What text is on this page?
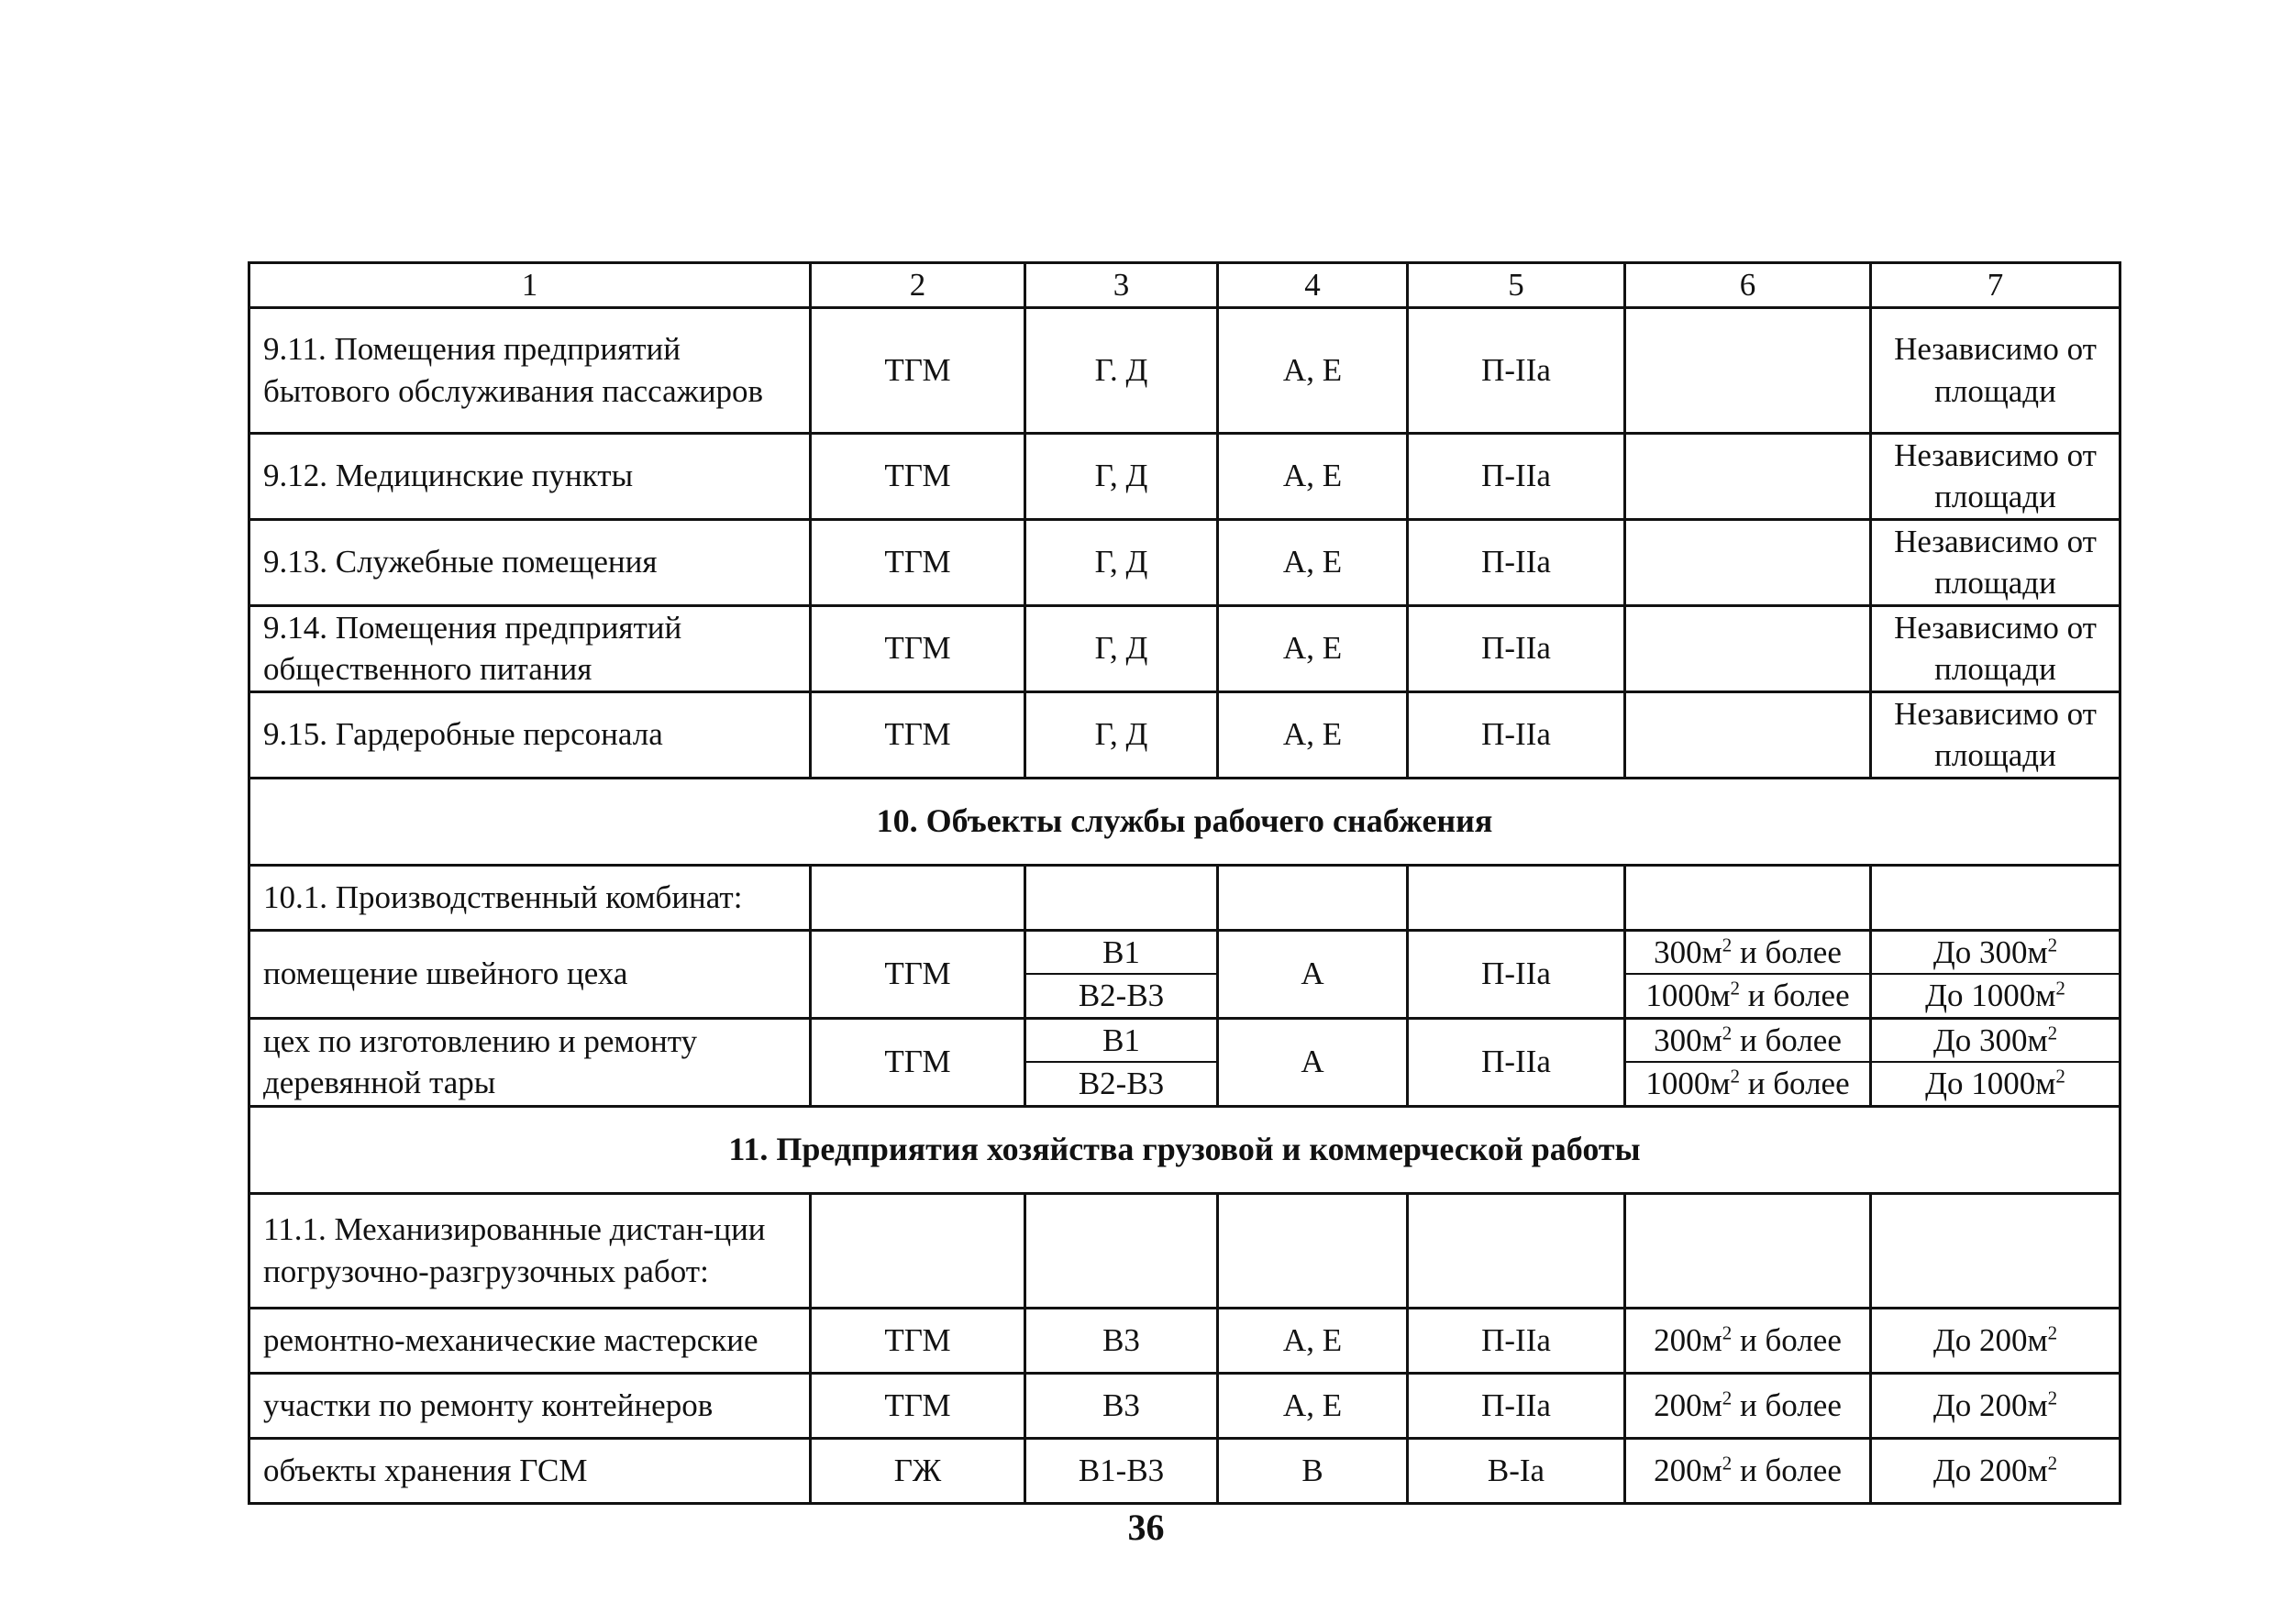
1	2	3	4	5	6	7
9.11. Помещения предприятий бытового обслуживания пассажиров	ТГМ	Г. Д	А, Е	П-IIа		Независимо от площади
9.12. Медицинские пункты	ТГМ	Г, Д	А, Е	П-IIа		Независимо от площади
9.13. Служебные помещения	ТГМ	Г, Д	А, Е	П-IIа		Независимо от площади
9.14. Помещения предприятий общественного питания	ТГМ	Г, Д	А, Е	П-IIа		Независимо от площади
9.15. Гардеробные персонала	ТГМ	Г, Д	А, Е	П-IIа		Независимо от площади
10. Объекты службы рабочего снабжения						
10.1. Производственный комбинат:						
помещение швейного цеха	ТГМ	В1	А	П-IIа	$300м^2$ и более	До $300м^2$
		В2-В3			$1000м^2$ и более	До $1000м^2$
цех по изготовлению и ремонту деревянной тары	ТГМ	В1	А	П-IIа	$300м^2$ и более	До $300м^2$
		В2-В3			$1000м^2$ и более	До $1000м^2$
11. Предприятия хозяйства грузовой и коммерческой работы						
11.1. Механизированные дистан-ции погрузочно-разгрузочных работ:						
ремонтно-механические мастерские	ТГМ	В3	А, Е	П-IIа	$200м^2$ и более	До $200м^2$
участки по ремонту контейнеров	ТГМ	В3	А, Е	П-IIа	$200м^2$ и более	До $200м^2$
объекты хранения ГСМ	ГЖ	В1-В3	В	В-Iа	$200м^2$ и более	До $200м^2$
36
